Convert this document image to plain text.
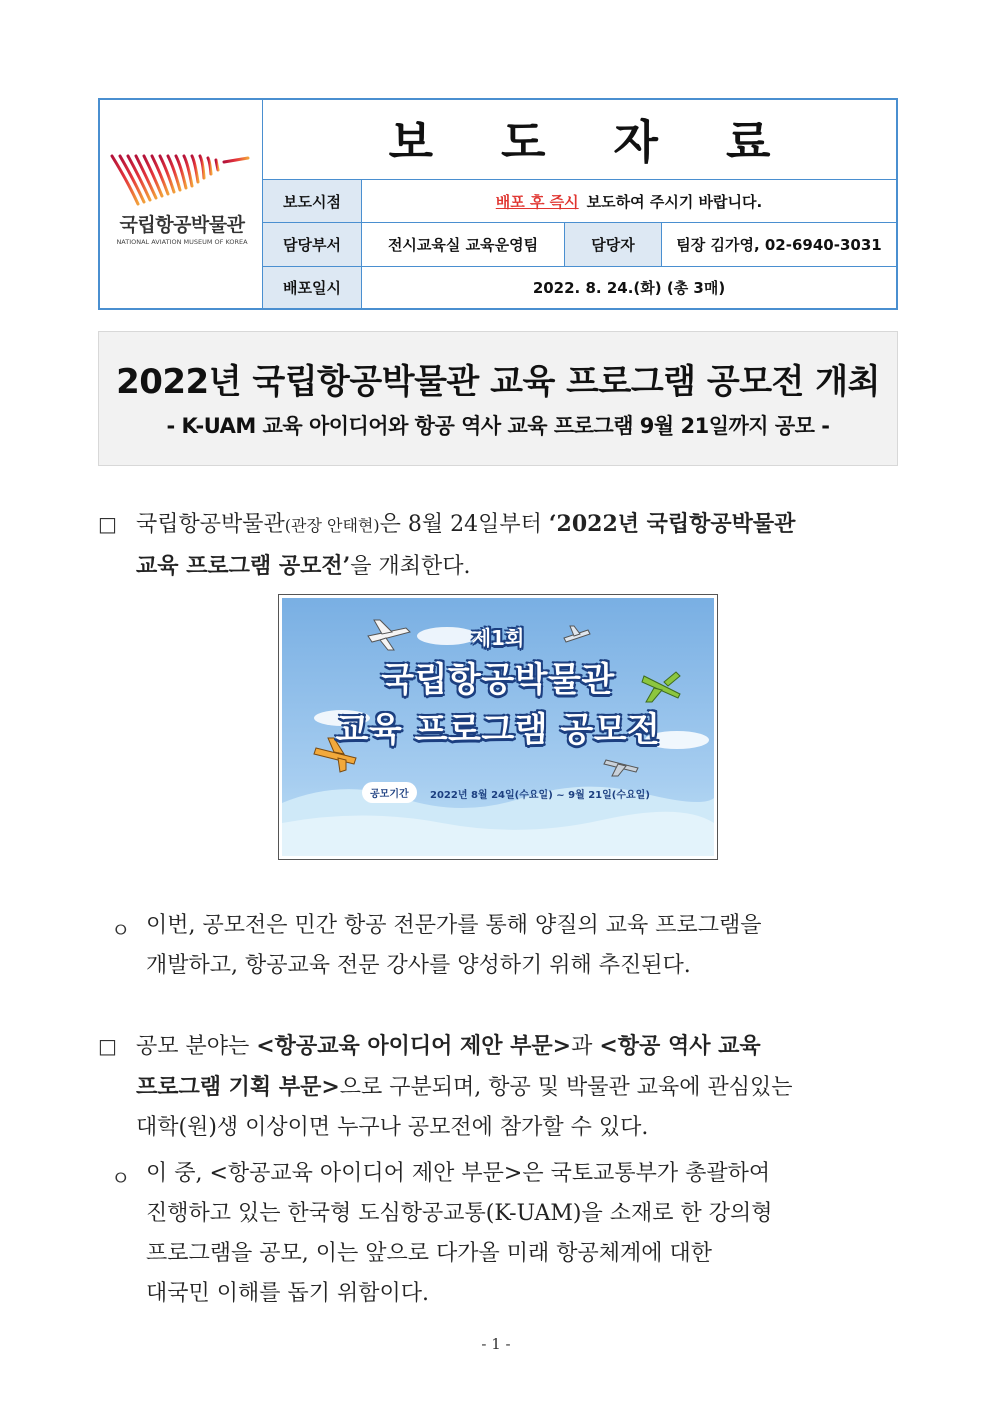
국립항공박물관
NATIONAL AVIATION MUSEUM OF KOREA
보 도 자 료
보도시점	배포 후 즉시 보도하여 주시기 바랍니다.
담당부서	전시교육실 교육운영팀	담당자	팀장 김가영, 02-6940-3031
배포일시	2022. 8. 24.(화) (총 3매)
2022년 국립항공박물관 교육 프로그램 공모전 개최
- K-UAM 교육 아이디어와 항공 역사 교육 프로그램 9월 21일까지 공모 -
□ 국립항공박물관(관장 안태현)은 8월 24일부터 ‘2022년 국립항공박물관
교육 프로그램 공모전’을 개최한다.
제1회
국립항공박물관
교육 프로그램 공모전
공모기간	2022년 8월 24일(수요일) ~ 9월 21일(수요일)
ㅇ 이번, 공모전은 민간 항공 전문가를 통해 양질의 교육 프로그램을
개발하고, 항공교육 전문 강사를 양성하기 위해 추진된다.
□ 공모 분야는 <항공교육 아이디어 제안 부문>과 <항공 역사 교육
프로그램 기획 부문>으로 구분되며, 항공 및 박물관 교육에 관심있는
대학(원)생 이상이면 누구나 공모전에 참가할 수 있다.
ㅇ 이 중, <항공교육 아이디어 제안 부문>은 국토교통부가 총괄하여
진행하고 있는 한국형 도심항공교통(K-UAM)을 소재로 한 강의형
프로그램을 공모, 이는 앞으로 다가올 미래 항공체계에 대한
대국민 이해를 돕기 위함이다.
- 1 -
